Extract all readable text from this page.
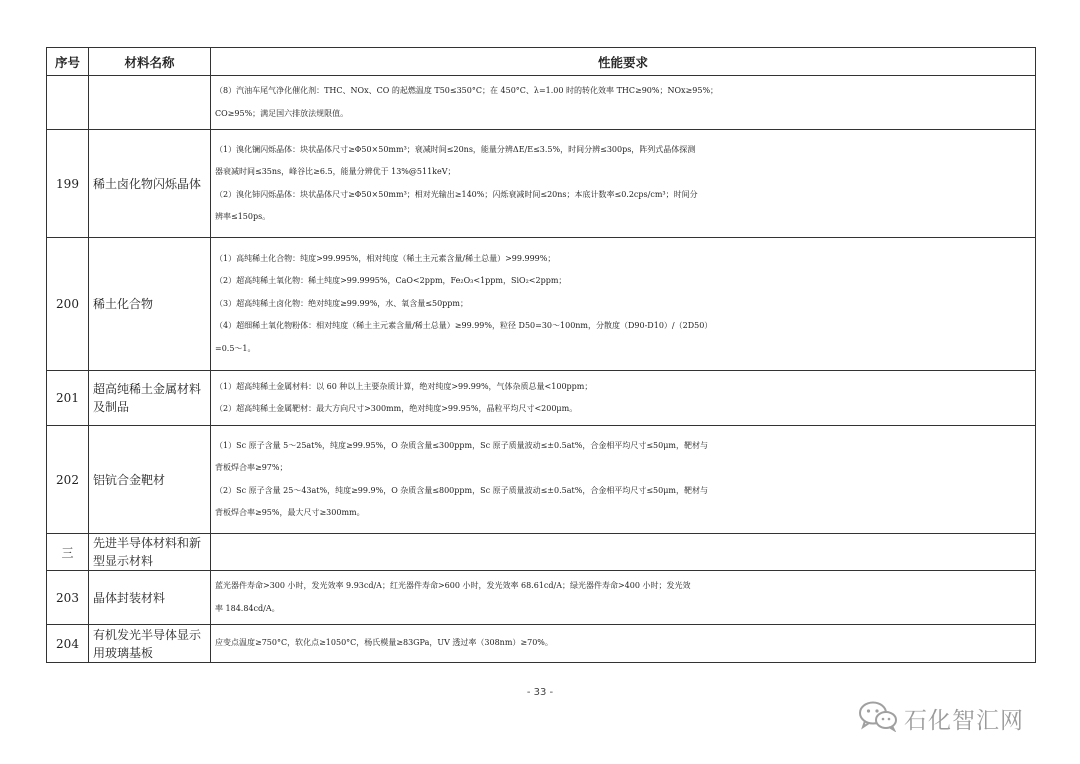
序号	材料名称	性能要求

		（8）汽油车尾气净化催化剂：THC、NOx、CO 的起燃温度 T50≤350°C；在 450°C、λ=1.00 时的转化效率 THC≥90%；NOx≥95%；
CO≥95%；满足国六排放法规限值。

199	稀土卤化物闪烁晶体	（1）溴化镧闪烁晶体：块状晶体尺寸≥Φ50×50mm³；衰减时间≤20ns，能量分辨ΔE/E≤3.5%，时间分辨≤300ps，阵列式晶体探测
器衰减时间≤35ns，峰谷比≥6.5，能量分辨优于 13%@511keV；
（2）溴化铈闪烁晶体：块状晶体尺寸≥Φ50×50mm³；相对光输出≥140%；闪烁衰减时间≤20ns；本底计数率≤0.2cps/cm³；时间分
辨率≤150ps。

200	稀土化合物	（1）高纯稀土化合物：纯度>99.995%，相对纯度（稀土主元素含量/稀土总量）>99.999%；
（2）超高纯稀土氧化物：稀土纯度>99.9995%，CaO<2ppm，Fe₂O₃<1ppm，SiO₂<2ppm；
（3）超高纯稀土卤化物：绝对纯度≥99.99%，水、氧含量≤50ppm；
（4）超细稀土氧化物粉体：相对纯度（稀土主元素含量/稀土总量）≥99.99%，粒径 D50=30～100nm，分散度（D90-D10）/（2D50）
=0.5～1。

201	超高纯稀土金属材料及制品	（1）超高纯稀土金属材料：以 60 种以上主要杂质计算，绝对纯度>99.99%，气体杂质总量<100ppm；
（2）超高纯稀土金属靶材：最大方向尺寸>300mm，绝对纯度>99.95%，晶粒平均尺寸<200μm。

202	铝钪合金靶材	（1）Sc 原子含量 5～25at%，纯度≥99.95%，O 杂质含量≤300ppm，Sc 原子质量波动≤±0.5at%，合金相平均尺寸≤50μm，靶材与
背板焊合率≥97%；
（2）Sc 原子含量 25～43at%，纯度≥99.9%，O 杂质含量≤800ppm，Sc 原子质量波动≤±0.5at%，合金相平均尺寸≤50μm，靶材与
背板焊合率≥95%，最大尺寸≥300mm。

三	先进半导体材料和新型显示材料	
203	晶体封装材料	蓝光器件寿命>300 小时，发光效率 9.93cd/A；红光器件寿命>600 小时，发光效率 68.61cd/A；绿光器件寿命>400 小时；发光效
率 184.84cd/A。

204	有机发光半导体显示用玻璃基板	应变点温度≥750°C，软化点≥1050°C，杨氏模量≥83GPa，UV 透过率（308nm）≥70%。
- 33 -
石化智汇网
